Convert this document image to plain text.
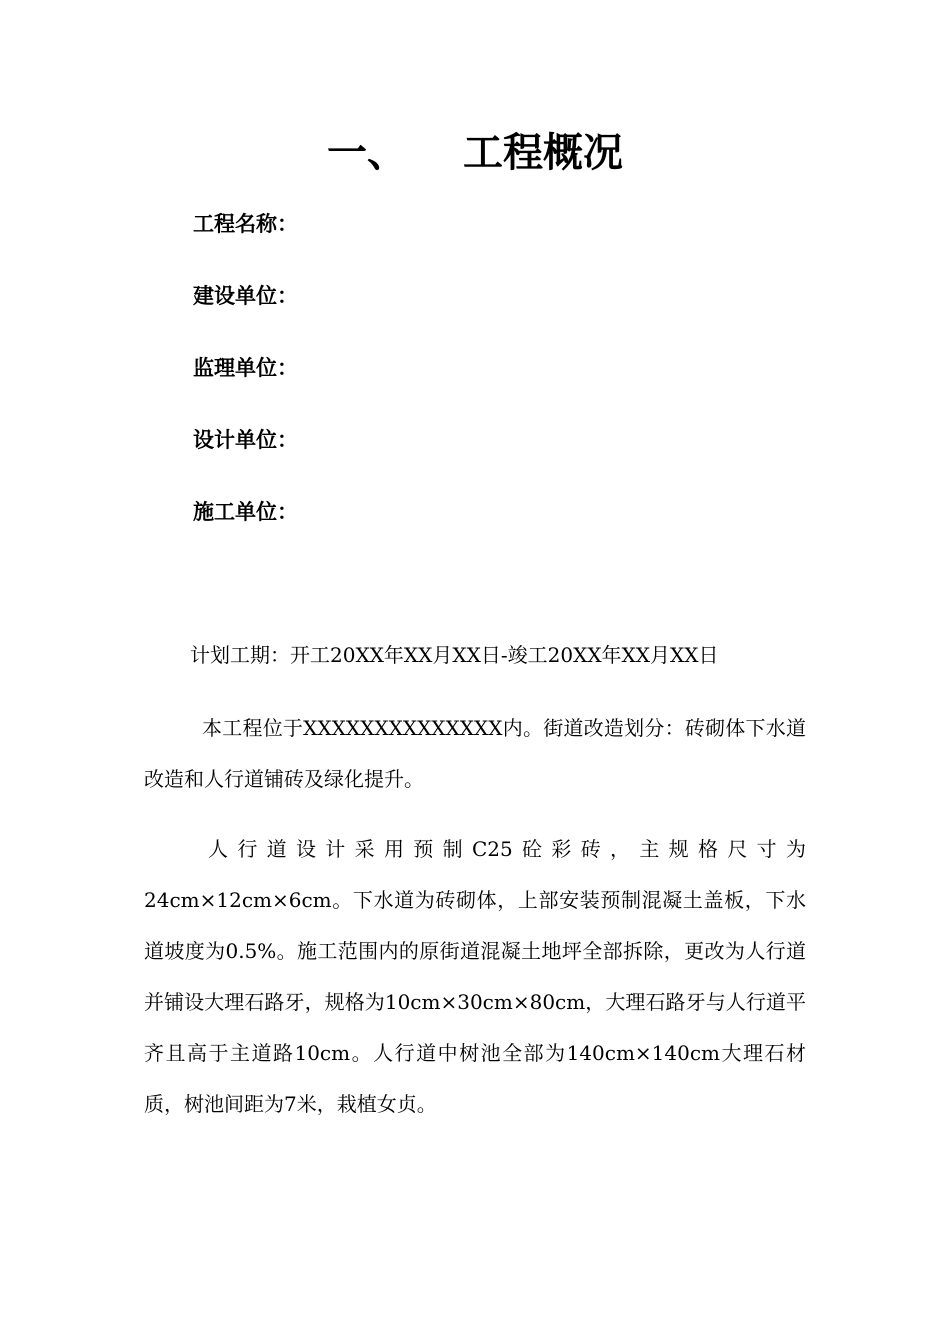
一、 工程概况
工程名称：
建设单位：
监理单位：
设计单位：
施工单位：

计划工期：开工20XX年XX月XX日-竣工20XX年XX月XX日

本工程位于XXXXXXXXXXXXXX内。街道改造划分：砖砌体下水道改造和人行道铺砖及绿化提升。

人行道设计采用预制C25砼彩砖，主规格尺寸为24cm×12cm×6cm。下水道为砖砌体，上部安装预制混凝土盖板，下水道坡度为0.5%。施工范围内的原街道混凝土地坪全部拆除，更改为人行道并铺设大理石路牙，规格为10cm×30cm×80cm，大理石路牙与人行道平齐且高于主道路10cm。人行道中树池全部为140cm×140cm大理石材质，树池间距为7米，栽植女贞。
